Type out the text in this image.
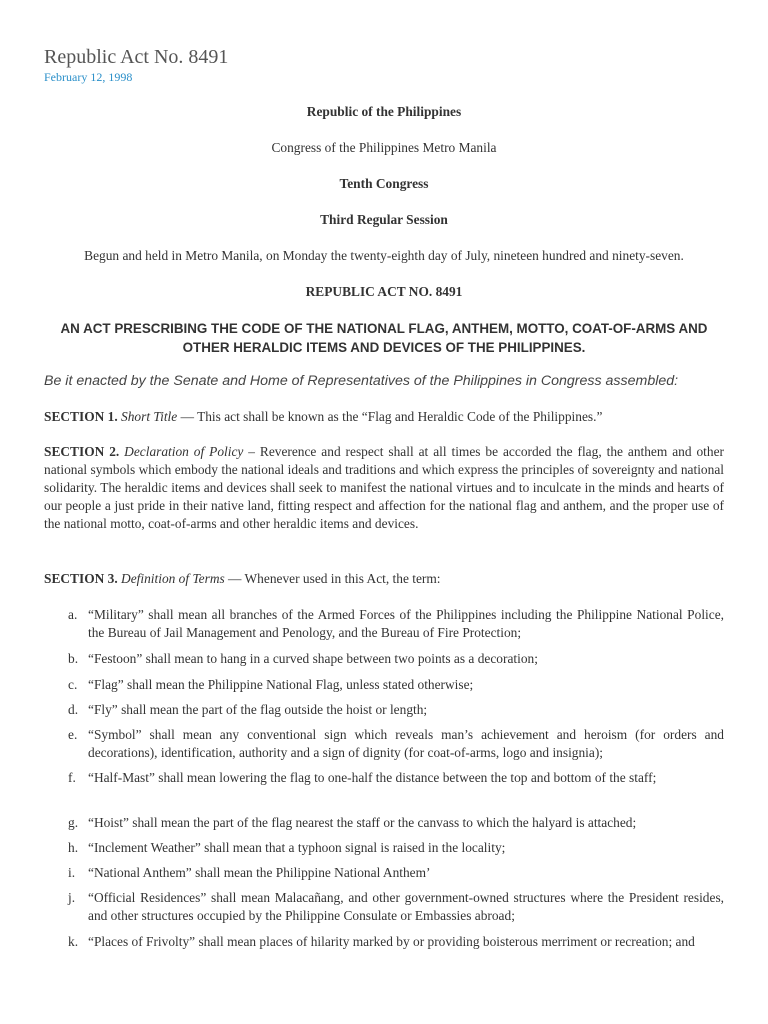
Republic Act No. 8491
February 12, 1998

Republic of the Philippines

Congress of the Philippines Metro Manila

Tenth Congress

Third Regular Session

Begun and held in Metro Manila, on Monday the twenty-eighth day of July, nineteen hundred and ninety-seven.

REPUBLIC ACT NO. 8491

AN ACT PRESCRIBING THE CODE OF THE NATIONAL FLAG, ANTHEM, MOTTO, COAT-OF-ARMS AND OTHER HERALDIC ITEMS AND DEVICES OF THE PHILIPPINES.

Be it enacted by the Senate and Home of Representatives of the Philippines in Congress assembled:

SECTION 1. Short Title — This act shall be known as the “Flag and Heraldic Code of the Philippines.”

SECTION 2. Declaration of Policy – Reverence and respect shall at all times be accorded the flag, the anthem and other national symbols which embody the national ideals and traditions and which express the principles of sovereignty and national solidarity. The heraldic items and devices shall seek to manifest the national virtues and to inculcate in the minds and hearts of our people a just pride in their native land, fitting respect and affection for the national flag and anthem, and the proper use of the national motto, coat-of-arms and other heraldic items and devices.

SECTION 3. Definition of Terms — Whenever used in this Act, the term:

a. “Military” shall mean all branches of the Armed Forces of the Philippines including the Philippine National Police, the Bureau of Jail Management and Penology, and the Bureau of Fire Protection;
b. “Festoon” shall mean to hang in a curved shape between two points as a decoration;
c. “Flag” shall mean the Philippine National Flag, unless stated otherwise;
d. “Fly” shall mean the part of the flag outside the hoist or length;
e. “Symbol” shall mean any conventional sign which reveals man’s achievement and heroism (for orders and decorations), identification, authority and a sign of dignity (for coat-of-arms, logo and insignia);
f. “Half-Mast” shall mean lowering the flag to one-half the distance between the top and bottom of the staff;
g. “Hoist” shall mean the part of the flag nearest the staff or the canvass to which the halyard is attached;
h. “Inclement Weather” shall mean that a typhoon signal is raised in the locality;
i. “National Anthem” shall mean the Philippine National Anthem’
j. “Official Residences” shall mean Malacañang, and other government-owned structures where the President resides, and other structures occupied by the Philippine Consulate or Embassies abroad;
k. “Places of Frivolty” shall mean places of hilarity marked by or providing boisterous merriment or recreation; and
